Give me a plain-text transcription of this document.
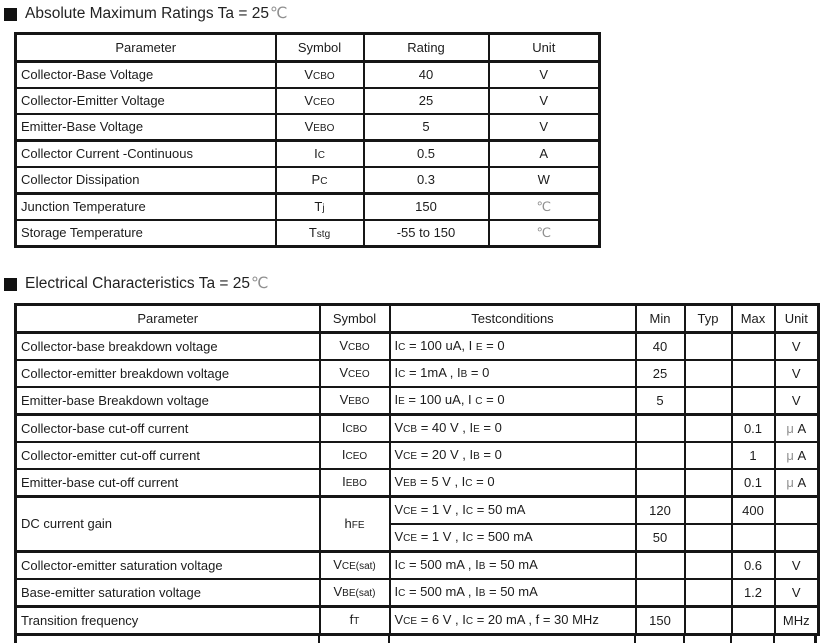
Absolute Maximum Ratings Ta = 25 ℃
Parameter	Symbol	Rating	Unit
Collector-Base Voltage	VCBO	40	V
Collector-Emitter Voltage	VCEO	25	V
Emitter-Base Voltage	VEBO	5	V
Collector Current -Continuous	IC	0.5	A
Collector Dissipation	PC	0.3	W
Junction Temperature	Tj	150	℃
Storage Temperature	Tstg	-55 to 150	℃
Electrical Characteristics Ta = 25 ℃
Parameter	Symbol	Testconditions	Min	Typ	Max	Unit
Collector-base breakdown voltage	VCBO	IC = 100 uA, I E = 0	40			V
Collector-emitter breakdown voltage	VCEO	IC = 1mA , IB = 0	25			V
Emitter-base Breakdown voltage	VEBO	IE = 100 uA, I C = 0	5			V
Collector-base cut-off current	ICBO	VCB = 40 V , IE = 0			0.1	μ A
Collector-emitter cut-off current	ICEO	VCE = 20 V , IB = 0			1	μ A
Emitter-base cut-off current	IEBO	VEB = 5 V , IC = 0			0.1	μ A
DC current gain	hFE	VCE = 1 V , IC = 50 mA	120		400	
		VCE = 1 V , IC = 500 mA	50			
Collector-emitter saturation voltage	VCE(sat)	IC = 500 mA , IB = 50 mA			0.6	V
Base-emitter saturation voltage	VBE(sat)	IC = 500 mA , IB = 50 mA			1.2	V
Transition frequency	fT	VCE = 6 V , IC = 20 mA , f = 30 MHz	150			MHz
